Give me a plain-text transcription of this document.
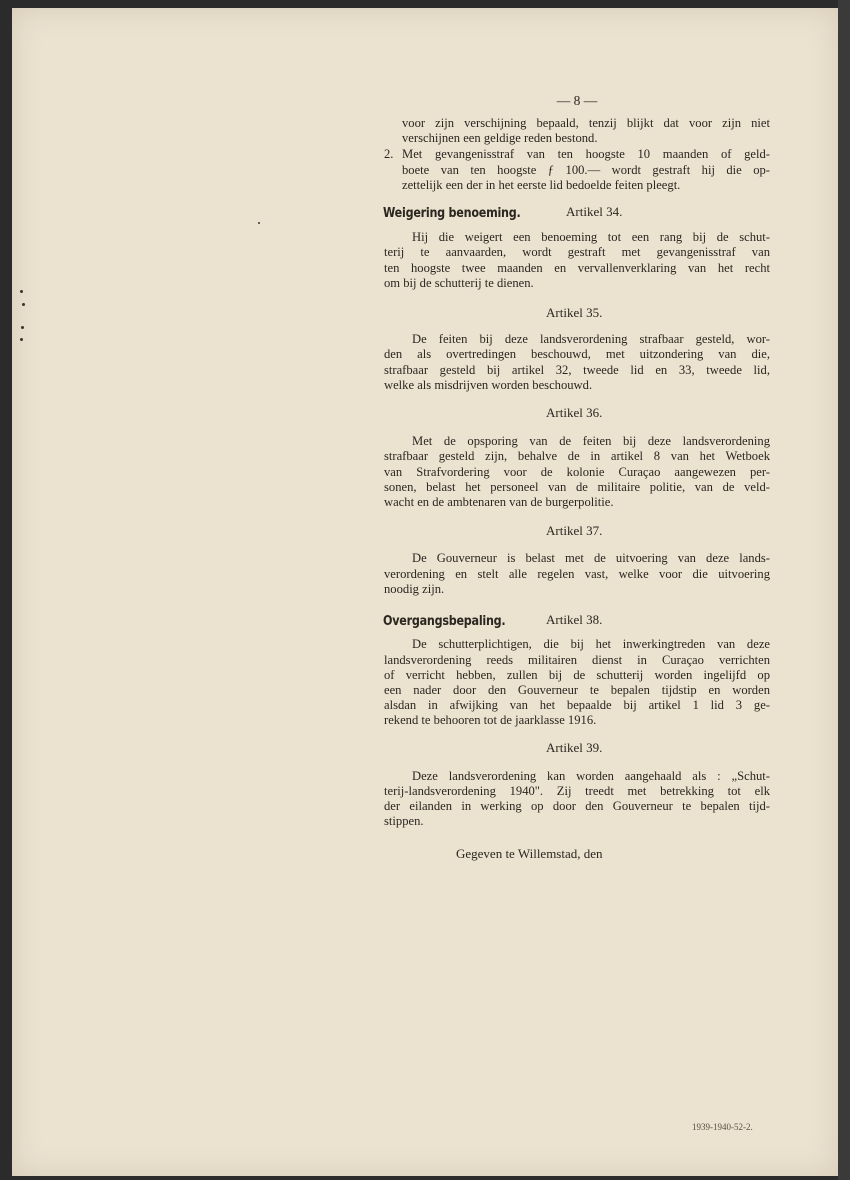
— 8 —
voor zijn verschijning bepaald, tenzij blijkt dat voor zijn niet
verschijnen een geldige reden bestond.
2. Met gevangenisstraf van ten hoogste 10 maanden of geld-
boete van ten hoogste ƒ 100.— wordt gestraft hij die op-
zettelijk een der in het eerste lid bedoelde feiten pleegt.
Weigering benoeming.	Artikel 34.
Hij die weigert een benoeming tot een rang bij de schut-
terij te aanvaarden, wordt gestraft met gevangenisstraf van
ten hoogste twee maanden en vervallenverklaring van het recht
om bij de schutterij te dienen.
Artikel 35.
De feiten bij deze landsverordening strafbaar gesteld, wor-
den als overtredingen beschouwd, met uitzondering van die,
strafbaar gesteld bij artikel 32, tweede lid en 33, tweede lid,
welke als misdrijven worden beschouwd.
Artikel 36.
Met de opsporing van de feiten bij deze landsverordening
strafbaar gesteld zijn, behalve de in artikel 8 van het Wetboek
van Strafvordering voor de kolonie Curaçao aangewezen per-
sonen, belast het personeel van de militaire politie, van de veld-
wacht en de ambtenaren van de burgerpolitie.
Artikel 37.
De Gouverneur is belast met de uitvoering van deze lands-
verordening en stelt alle regelen vast, welke voor die uitvoering
noodig zijn.
Overgangsbepaling.	Artikel 38.
De schutterplichtigen, die bij het inwerkingtreden van deze
landsverordening reeds militairen dienst in Curaçao verrichten
of verricht hebben, zullen bij de schutterij worden ingelijfd op
een nader door den Gouverneur te bepalen tijdstip en worden
alsdan in afwijking van het bepaalde bij artikel 1 lid 3 ge-
rekend te behooren tot de jaarklasse 1916.
Artikel 39.
Deze landsverordening kan worden aangehaald als : „Schut-
terij-landsverordening 1940". Zij treedt met betrekking tot elk
der eilanden in werking op door den Gouverneur te bepalen tijd-
stippen.
Gegeven te Willemstad, den
1939-1940-52-2.
